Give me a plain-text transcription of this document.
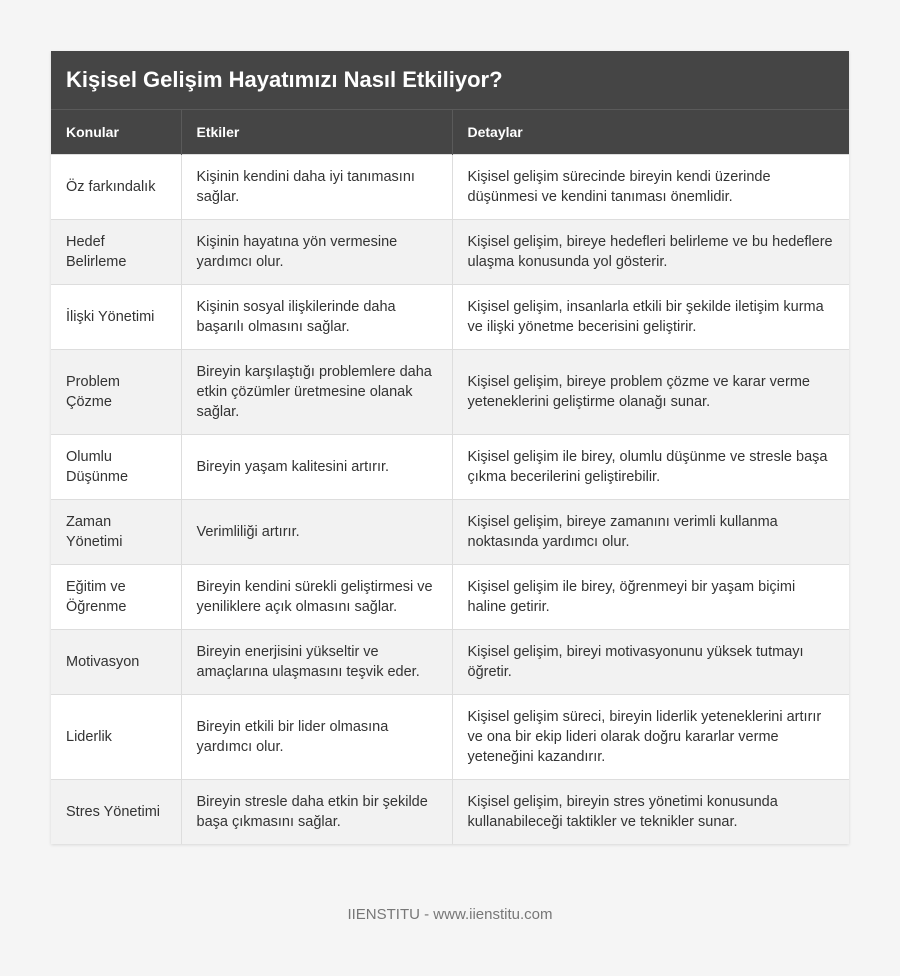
Kişisel Gelişim Hayatımızı Nasıl Etkiliyor?
Konular	Etkiler	Detaylar
Öz farkındalık	Kişinin kendini daha iyi tanımasını sağlar.	Kişisel gelişim sürecinde bireyin kendi üzerinde düşünmesi ve kendini tanıması önemlidir.
Hedef Belirleme	Kişinin hayatına yön vermesine yardımcı olur.	Kişisel gelişim, bireye hedefleri belirleme ve bu hedeflere ulaşma konusunda yol gösterir.
İlişki Yönetimi	Kişinin sosyal ilişkilerinde daha başarılı olmasını sağlar.	Kişisel gelişim, insanlarla etkili bir şekilde iletişim kurma ve ilişki yönetme becerisini geliştirir.
Problem Çözme	Bireyin karşılaştığı problemlere daha etkin çözümler üretmesine olanak sağlar.	Kişisel gelişim, bireye problem çözme ve karar verme yeteneklerini geliştirme olanağı sunar.
Olumlu Düşünme	Bireyin yaşam kalitesini artırır.	Kişisel gelişim ile birey, olumlu düşünme ve stresle başa çıkma becerilerini geliştirebilir.
Zaman Yönetimi	Verimliliği artırır.	Kişisel gelişim, bireye zamanını verimli kullanma noktasında yardımcı olur.
Eğitim ve Öğrenme	Bireyin kendini sürekli geliştirmesi ve yeniliklere açık olmasını sağlar.	Kişisel gelişim ile birey, öğrenmeyi bir yaşam biçimi haline getirir.
Motivasyon	Bireyin enerjisini yükseltir ve amaçlarına ulaşmasını teşvik eder.	Kişisel gelişim, bireyi motivasyonunu yüksek tutmayı öğretir.
Liderlik	Bireyin etkili bir lider olmasına yardımcı olur.	Kişisel gelişim süreci, bireyin liderlik yeteneklerini artırır ve ona bir ekip lideri olarak doğru kararlar verme yeteneğini kazandırır.
Stres Yönetimi	Bireyin stresle daha etkin bir şekilde başa çıkmasını sağlar.	Kişisel gelişim, bireyin stres yönetimi konusunda kullanabileceği taktikler ve teknikler sunar.
IIENSTITU - www.iienstitu.com
